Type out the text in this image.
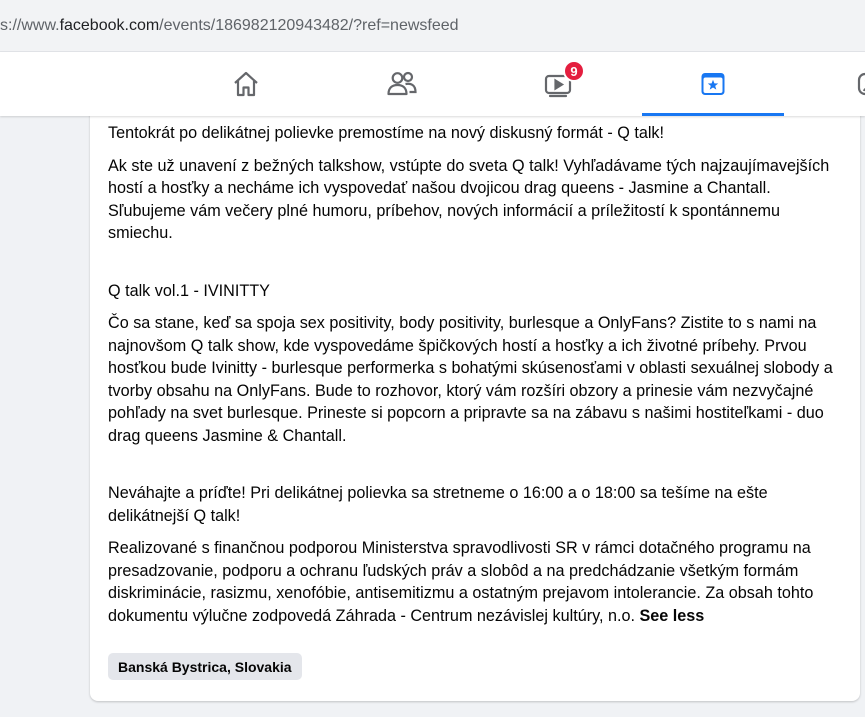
s://www.facebook.com/events/186982120943482/?ref=newsfeed
9

Tentokrát po delikátnej polievke premostíme na nový diskusný formát - Q talk!

Ak ste už unavení z bežných talkshow, vstúpte do sveta Q talk! Vyhľadávame tých najzaujímavejších hostí a hosťky a necháme ich vyspovedať našou dvojicou drag queens - Jasmine a Chantall. Sľubujeme vám večery plné humoru, príbehov, nových informácií a príležitostí k spontánnemu smiechu.

Q talk vol.1 - IVINITTY

Čo sa stane, keď sa spoja sex positivity, body positivity, burlesque a OnlyFans? Zistite to s nami na najnovšom Q talk show, kde vyspovedáme špičkových hostí a hosťky a ich životné príbehy. Prvou hosťkou bude Ivinitty - burlesque performerka s bohatými skúsenosťami v oblasti sexuálnej slobody a tvorby obsahu na OnlyFans. Bude to rozhovor, ktorý vám rozšíri obzory a prinesie vám nezvyčajné pohľady na svet burlesque. Prineste si popcorn a pripravte sa na zábavu s našimi hostiteľkami - duo drag queens Jasmine & Chantall.

Neváhajte a príďte! Pri delikátnej polievka sa stretneme o 16:00 a o 18:00 sa tešíme na ešte delikátnejší Q talk!

Realizované s finančnou podporou Ministerstva spravodlivosti SR v rámci dotačného programu na presadzovanie, podporu a ochranu ľudských práv a slobôd a na predchádzanie všetkým formám diskriminácie, rasizmu, xenofóbie, antisemitizmu a ostatným prejavom intolerancie. Za obsah tohto dokumentu výlučne zodpovedá Záhrada - Centrum nezávislej kultúry, n.o. See less

Banská Bystrica, Slovakia
